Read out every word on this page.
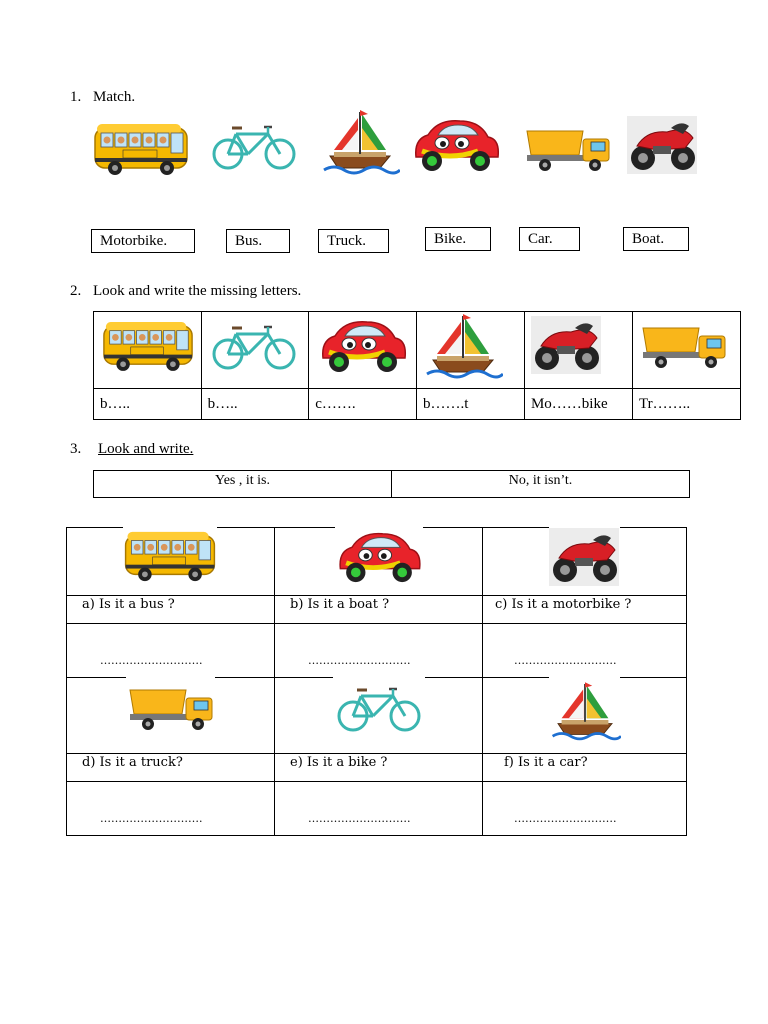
1. Match.
Motorbike.	Bus.	Truck.	Bike.	Car.	Boat.
2. Look and write the missing letters.

b…..	b…..	c…….	b…….t	Mo……bike	Tr……..
3. Look and write.
Yes , it is.	No, it isn’t.
a) Is it a bus ?	b) Is it a boat ?	c) Is it a motorbike ?
……………………….	……………………….	……………………….
d) Is it a truck?	e) Is it a bike ?	f) Is it a car?
……………………….	……………………….	……………………….
